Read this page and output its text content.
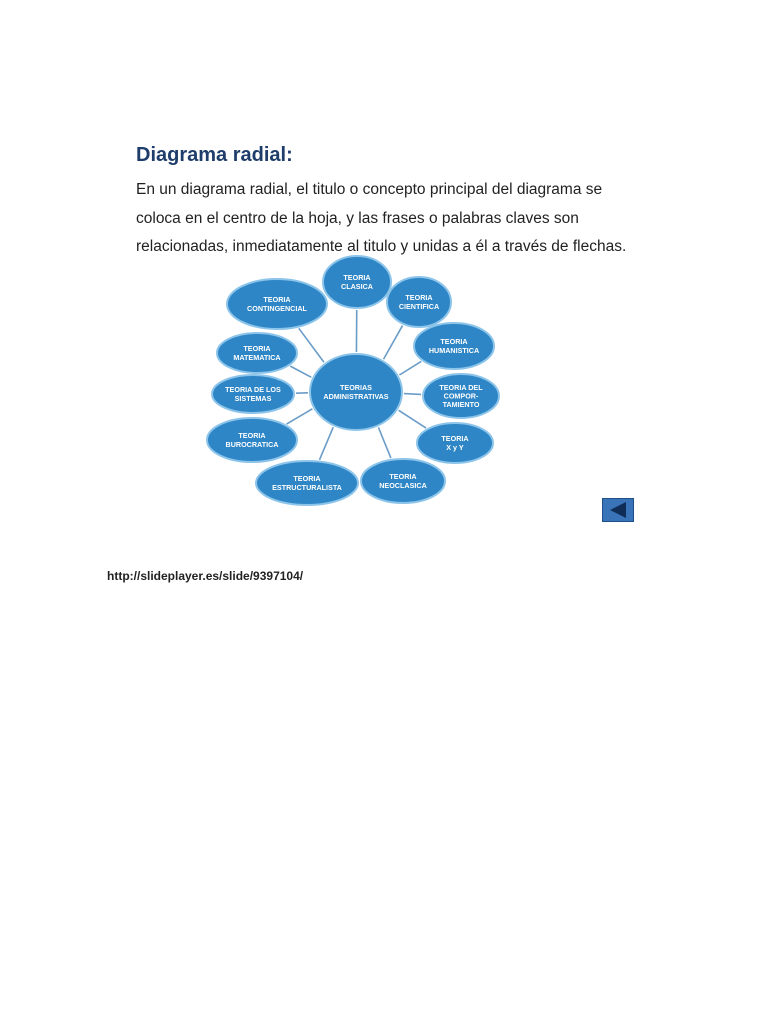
Diagrama radial:
En un diagrama radial, el titulo o concepto principal del diagrama se
coloca en el centro de la hoja, y las frases o palabras claves son
relacionadas, inmediatamente al titulo y unidas a él a través de flechas.
TEORIAS
ADMINISTRATIVAS
TEORIA
CLASICA
TEORIA
CIENTIFICA
TEORIA
HUMANISTICA
TEORIA DEL
COMPOR-
TAMIENTO
TEORIA
X y Y
TEORIA
NEOCLASICA
TEORIA
ESTRUCTURALISTA
TEORIA
BUROCRATICA
TEORIA DE LOS
SISTEMAS
TEORIA
MATEMATICA
TEORIA
CONTINGENCIAL
http://slideplayer.es/slide/9397104/
